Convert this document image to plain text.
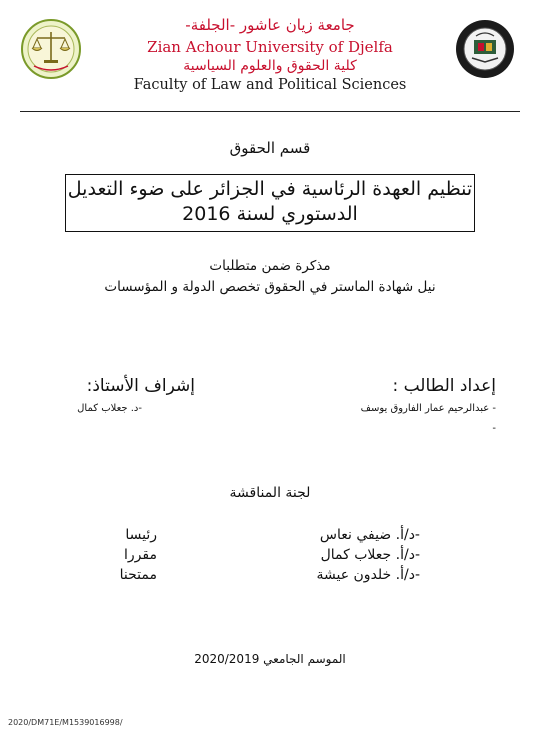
جامعة زيان عاشور -الجلفة-
Zian Achour University of Djelfa
كلية الحقوق والعلوم السياسية
Faculty of Law and Political Sciences
قسم الحقوق
تنظيم العهدة الرئاسية في الجزائر على ضوء التعديل
الدستوري لسنة 2016
مذكرة ضمن متطلبات
نيل شهادة الماستر في الحقوق تخصص الدولة و المؤسسات
إعداد الطالب :
- عبدالرحيم عمار الفاروق يوسف
-
إشراف الأستاذ:
-د. جعلاب كمال
لجنة المناقشة
-د/أ. ضيفي نعاس
رئيسا
-د/أ. جعلاب كمال
مقررا
-د/أ. خلدون عيشة
ممتحنا
الموسم الجامعي 2020/2019
2020/DM71E/M1539016998/
